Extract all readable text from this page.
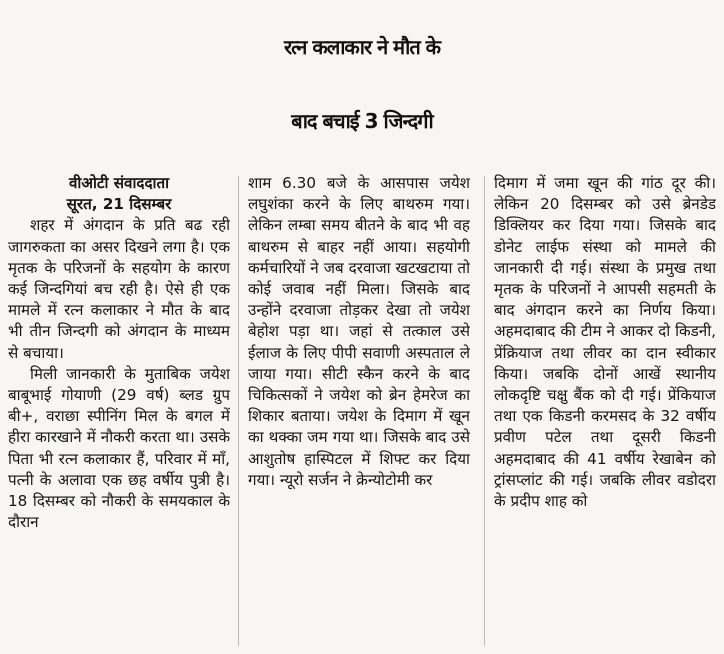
रत्न कलाकार ने मौत के
बाद बचाई 3 जिन्दगी
वीओटी संवाददाता
सूरत, 21 दिसम्बर

शहर में अंगदान के प्रति बढ रही जागरुकता का असर दिखने लगा है। एक मृतक के परिजनों के सहयोग के कारण कई जिन्दगियां बच रही है। ऐसे ही एक मामले में रत्न कलाकार ने मौत के बाद भी तीन जिन्दगी को अंगदान के माध्यम से बचाया।

मिली जानकारी के मुताबिक जयेश बाबूभाई गोयाणी (29 वर्ष) ब्लड ग्रुप बी+, वराछा स्पीनिंग मिल के बगल में हीरा कारखाने में नौकरी करता था। उसके पिता भी रत्न कलाकार हैं, परिवार में माँ, पत्नी के अलावा एक छह वर्षीय पुत्री है। 18 दिसम्बर को नौकरी के समयकाल के दौरान

शाम 6.30 बजे के आसपास जयेश लघुशंका करने के लिए बाथरुम गया। लेकिन लम्बा समय बीतने के बाद भी वह बाथरुम से बाहर नहीं आया। सहयोगी कर्मचारियों ने जब दरवाजा खटखटाया तो कोई जवाब नहीं मिला। जिसके बाद उन्होंने दरवाजा तोड़कर देखा तो जयेश बेहोश पड़ा था। जहां से तत्काल उसे ईलाज के लिए पीपी सवाणी अस्पताल ले जाया गया। सीटी स्कैन करने के बाद चिकित्सकों ने जयेश को ब्रेन हेमरेज का शिकार बताया। जयेश के दिमाग में खून का थक्का जम गया था। जिसके बाद उसे आशुतोष हास्पिटल में शिफ्ट कर दिया गया। न्यूरो सर्जन ने क्रेन्योटोमी कर

दिमाग में जमा खून की गांठ दूर की। लेकिन 20 दिसम्बर को उसे ब्रेनडेड डिक्लियर कर दिया गया। जिसके बाद डोनेट लाईफ संस्था को मामले की जानकारी दी गई। संस्था के प्रमुख तथा मृतक के परिजनों ने आपसी सहमती के बाद अंगदान करने का निर्णय किया। अहमदाबाद की टीम ने आकर दो किडनी, प्रेंक्रियाज तथा लीवर का दान स्वीकार किया। जबकि दोनों आखें स्थानीय लोकदृष्टि चक्षु बैंक को दी गई। प्रेंकियाज तथा एक किडनी करमसद के 32 वर्षीय प्रवीण पटेल तथा दूसरी किडनी अहमदाबाद की 41 वर्षीय रेखाबेन को ट्रांसप्लांट की गई। जबकि लीवर वडोदरा के प्रदीप शाह को
